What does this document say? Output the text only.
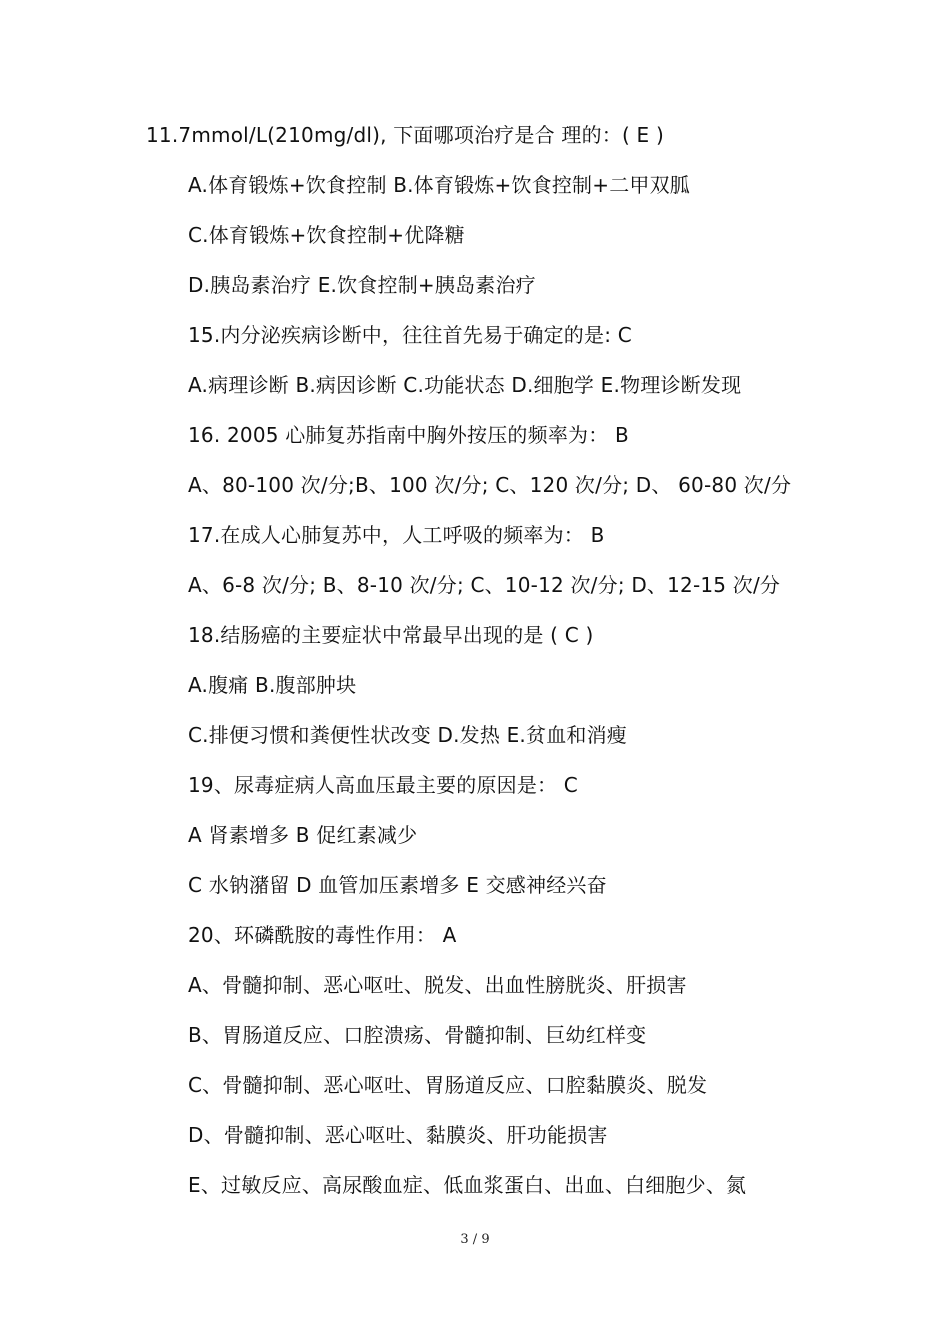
11.7mmol/L(210mg/dl), 下面哪项治疗是合 理的：( E )
A.体育锻炼+饮食控制 B.体育锻炼+饮食控制+二甲双胍
C.体育锻炼+饮食控制+优降糖
D.胰岛素治疗 E.饮食控制+胰岛素治疗
15.内分泌疾病诊断中，往往首先易于确定的是: C
A.病理诊断 B.病因诊断 C.功能状态 D.细胞学 E.物理诊断发现
16. 2005 心肺复苏指南中胸外按压的频率为： B
A、80-100 次/分;B、100 次/分; C、120 次/分; D、 60-80 次/分
17.在成人心肺复苏中，人工呼吸的频率为： B
A、6-8 次/分; B、8-10 次/分; C、10-12 次/分; D、12-15 次/分
18.结肠癌的主要症状中常最早出现的是 ( C )
A.腹痛 B.腹部肿块
C.排便习惯和粪便性状改变 D.发热 E.贫血和消瘦
19、尿毒症病人高血压最主要的原因是： C
A 肾素增多 B 促红素减少
C 水钠潴留 D 血管加压素增多 E 交感神经兴奋
20、环磷酰胺的毒性作用： A
A、骨髓抑制、恶心呕吐、脱发、出血性膀胱炎、肝损害
B、胃肠道反应、口腔溃疡、骨髓抑制、巨幼红样变
C、骨髓抑制、恶心呕吐、胃肠道反应、口腔黏膜炎、脱发
D、骨髓抑制、恶心呕吐、黏膜炎、肝功能损害
E、过敏反应、高尿酸血症、低血浆蛋白、出血、白细胞少、氮
3 / 9
